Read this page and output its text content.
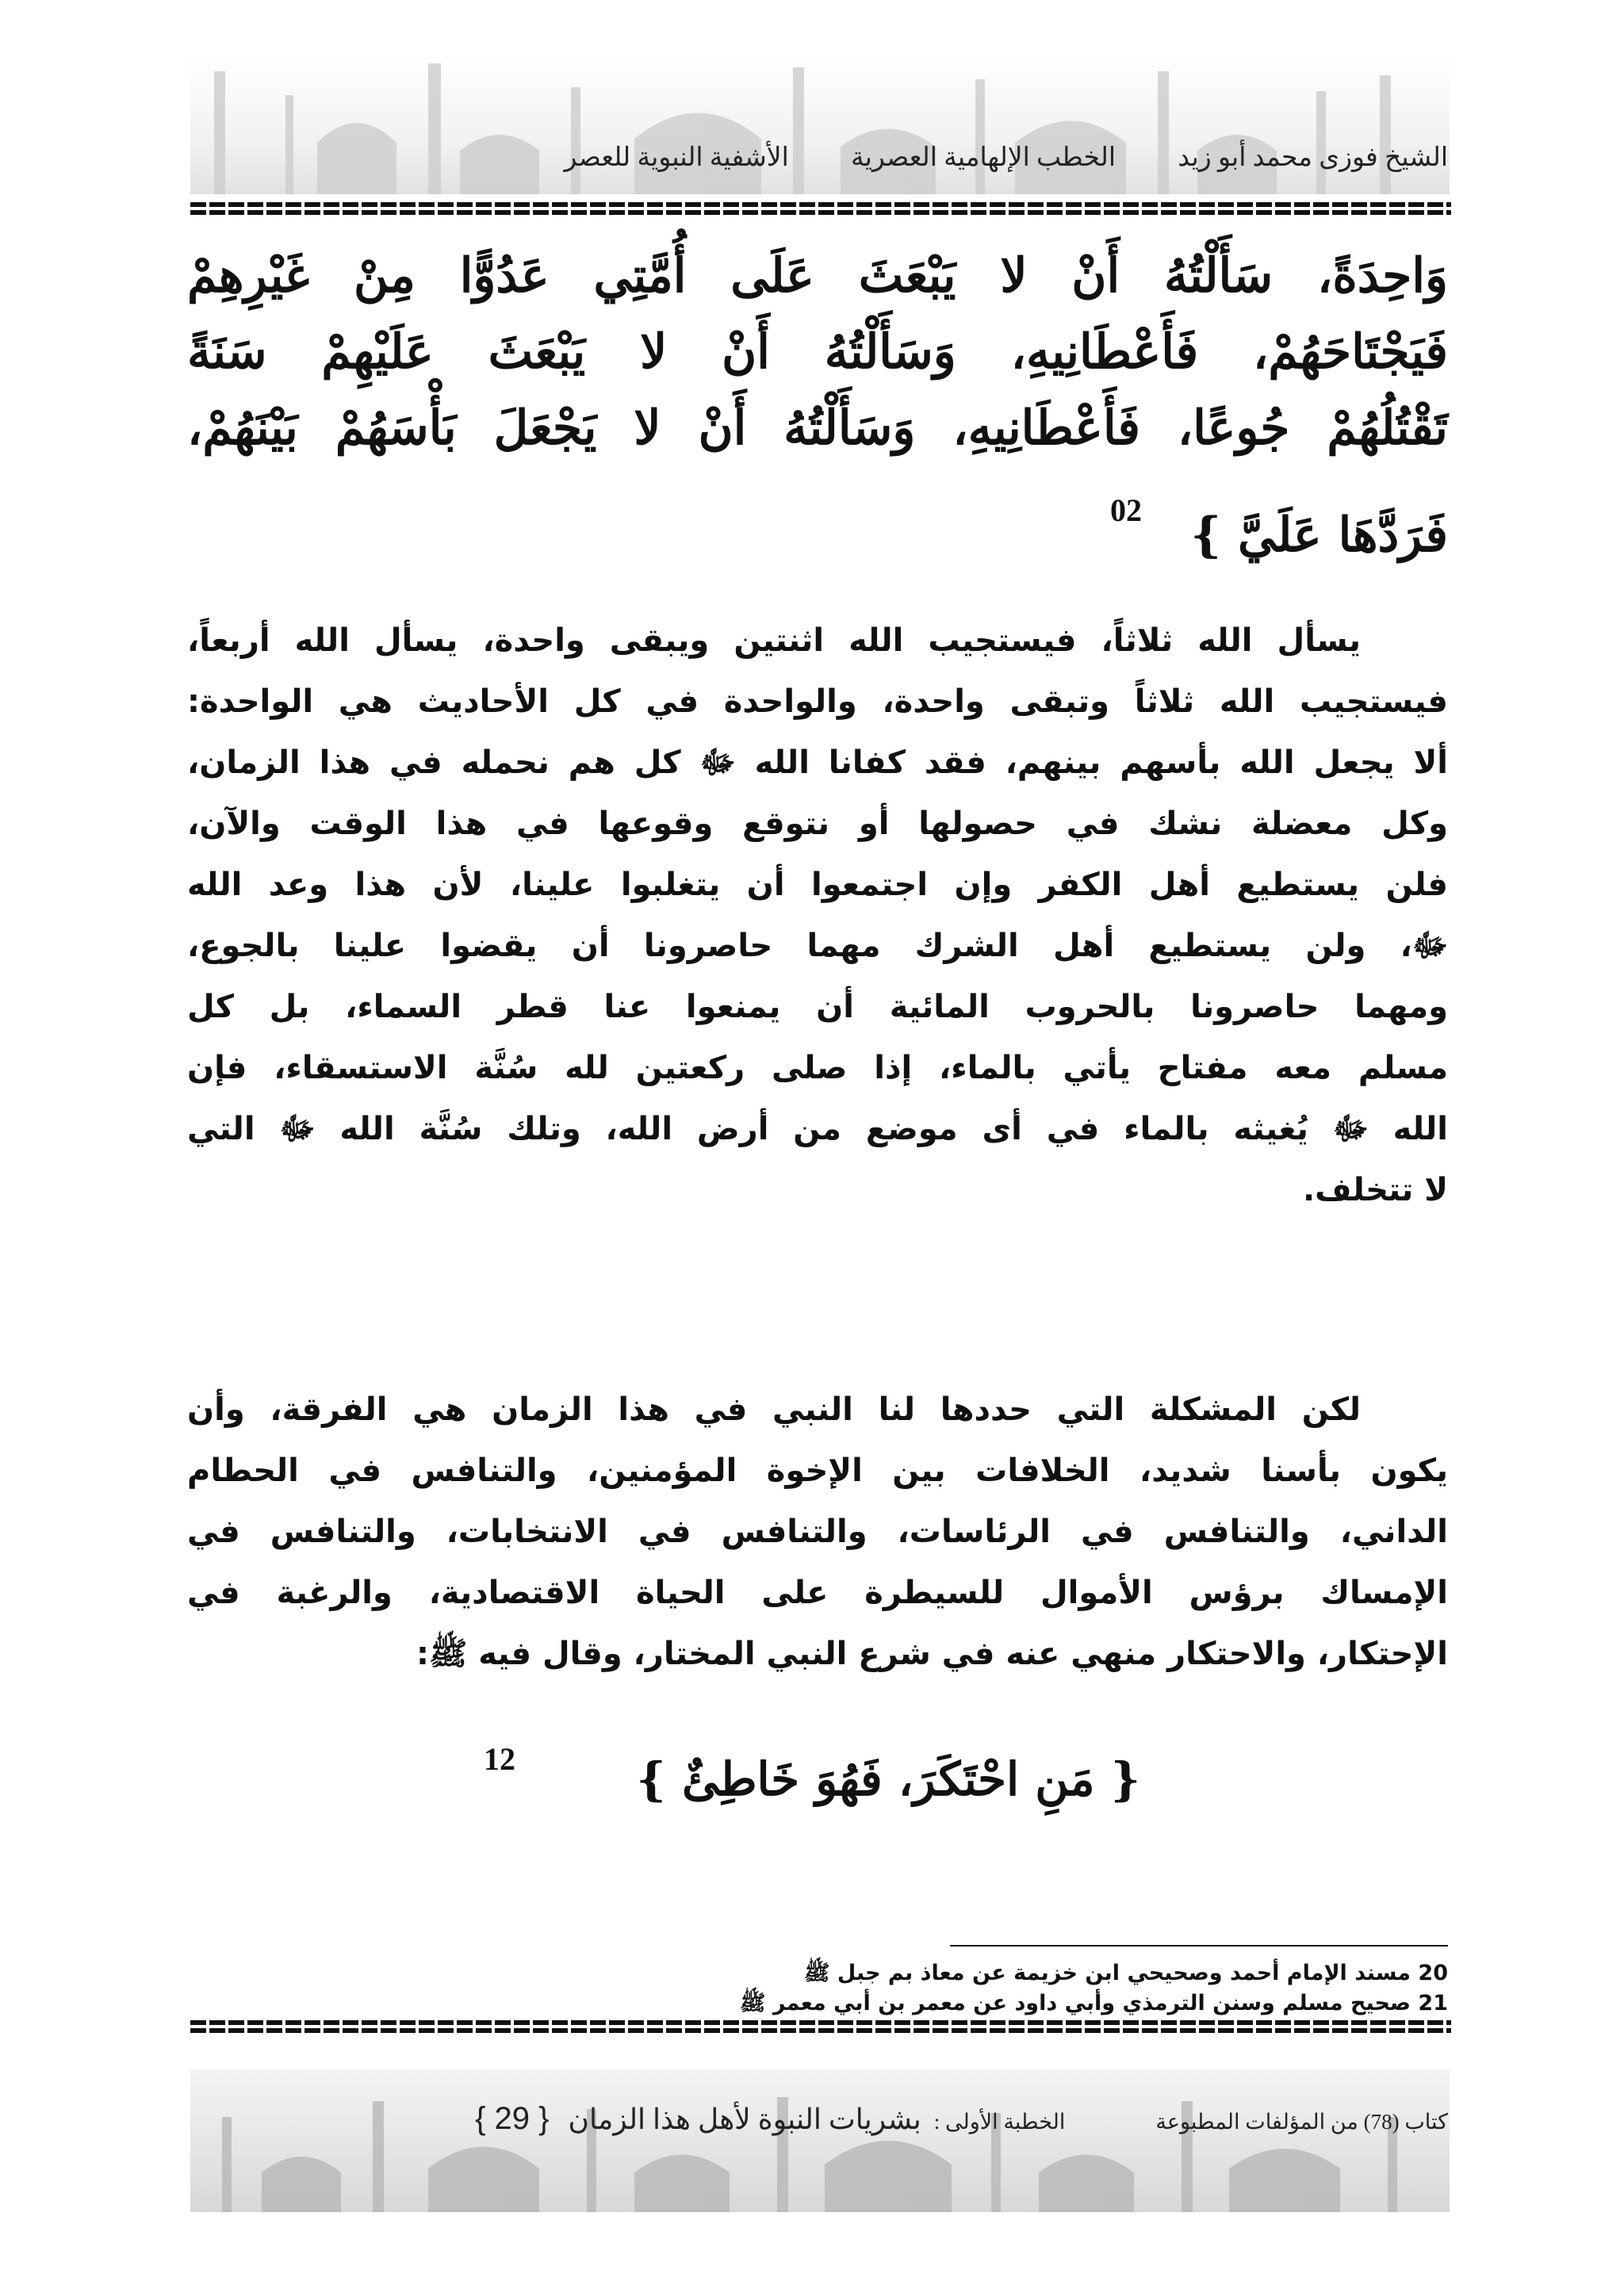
الشيخ فوزى محمد أبو زيد الخطب الإلهامية العصرية الأشفية النبوية للعصر
وَاحِدَةً، سَأَلْتُهُ أَنْ لا يَبْعَثَ عَلَى أُمَّتِي عَدُوًّا مِنْ غَيْرِهِمْ
فَيَجْتَاحَهُمْ، فَأَعْطَانِيهِ، وَسَأَلْتُهُ أَنْ لا يَبْعَثَ عَلَيْهِمْ سَنَةً
تَقْتُلُهُمْ جُوعًا، فَأَعْطَانِيهِ، وَسَأَلْتُهُ أَنْ لا يَجْعَلَ بَأْسَهُمْ بَيْنَهُمْ،
فَرَدَّهَا عَلَيَّ }
02
يسأل الله ثلاثاً، فيستجيب الله اثنتين ويبقى واحدة، يسأل الله أربعاً،
فيستجيب الله ثلاثاً وتبقى واحدة، والواحدة في كل الأحاديث هي الواحدة:
ألا يجعل الله بأسهم بينهم، فقد كفانا الله ﷻ كل هم نحمله في هذا الزمان،
وكل معضلة نشك في حصولها أو نتوقع وقوعها في هذا الوقت والآن،
فلن يستطيع أهل الكفر وإن اجتمعوا أن يتغلبوا علينا، لأن هذا وعد الله
ﷻ، ولن يستطيع أهل الشرك مهما حاصرونا أن يقضوا علينا بالجوع،
ومهما حاصرونا بالحروب المائية أن يمنعوا عنا قطر السماء، بل كل
مسلم معه مفتاح يأتي بالماء، إذا صلى ركعتين لله سُنَّة الاستسقاء، فإن
الله ﷻ يُغيثه بالماء في أى موضع من أرض الله، وتلك سُنَّة الله ﷻ التي
لا تتخلف.
لكن المشكلة التي حددها لنا النبي في هذا الزمان هي الفرقة، وأن
يكون بأسنا شديد، الخلافات بين الإخوة المؤمنين، والتنافس في الحطام
الداني، والتنافس في الرئاسات، والتنافس في الانتخابات، والتنافس في
الإمساك برؤس الأموال للسيطرة على الحياة الاقتصادية، والرغبة في
الإحتكار، والاحتكار منهي عنه في شرع النبي المختار، وقال فيه ﷺ:
{ مَنِ احْتَكَرَ، فَهُوَ خَاطِئٌ }
12
20 مسند الإمام أحمد وصحيحي ابن خزيمة عن معاذ بم جبل ﷺ
21 صحيح مسلم وسنن الترمذي وأبي داود عن معمر بن أبي معمر ﷺ
كتاب (78) من المؤلفات المطبوعة الخطبة الأولى : بشريات النبوة لأهل هذا الزمان { 29 }
